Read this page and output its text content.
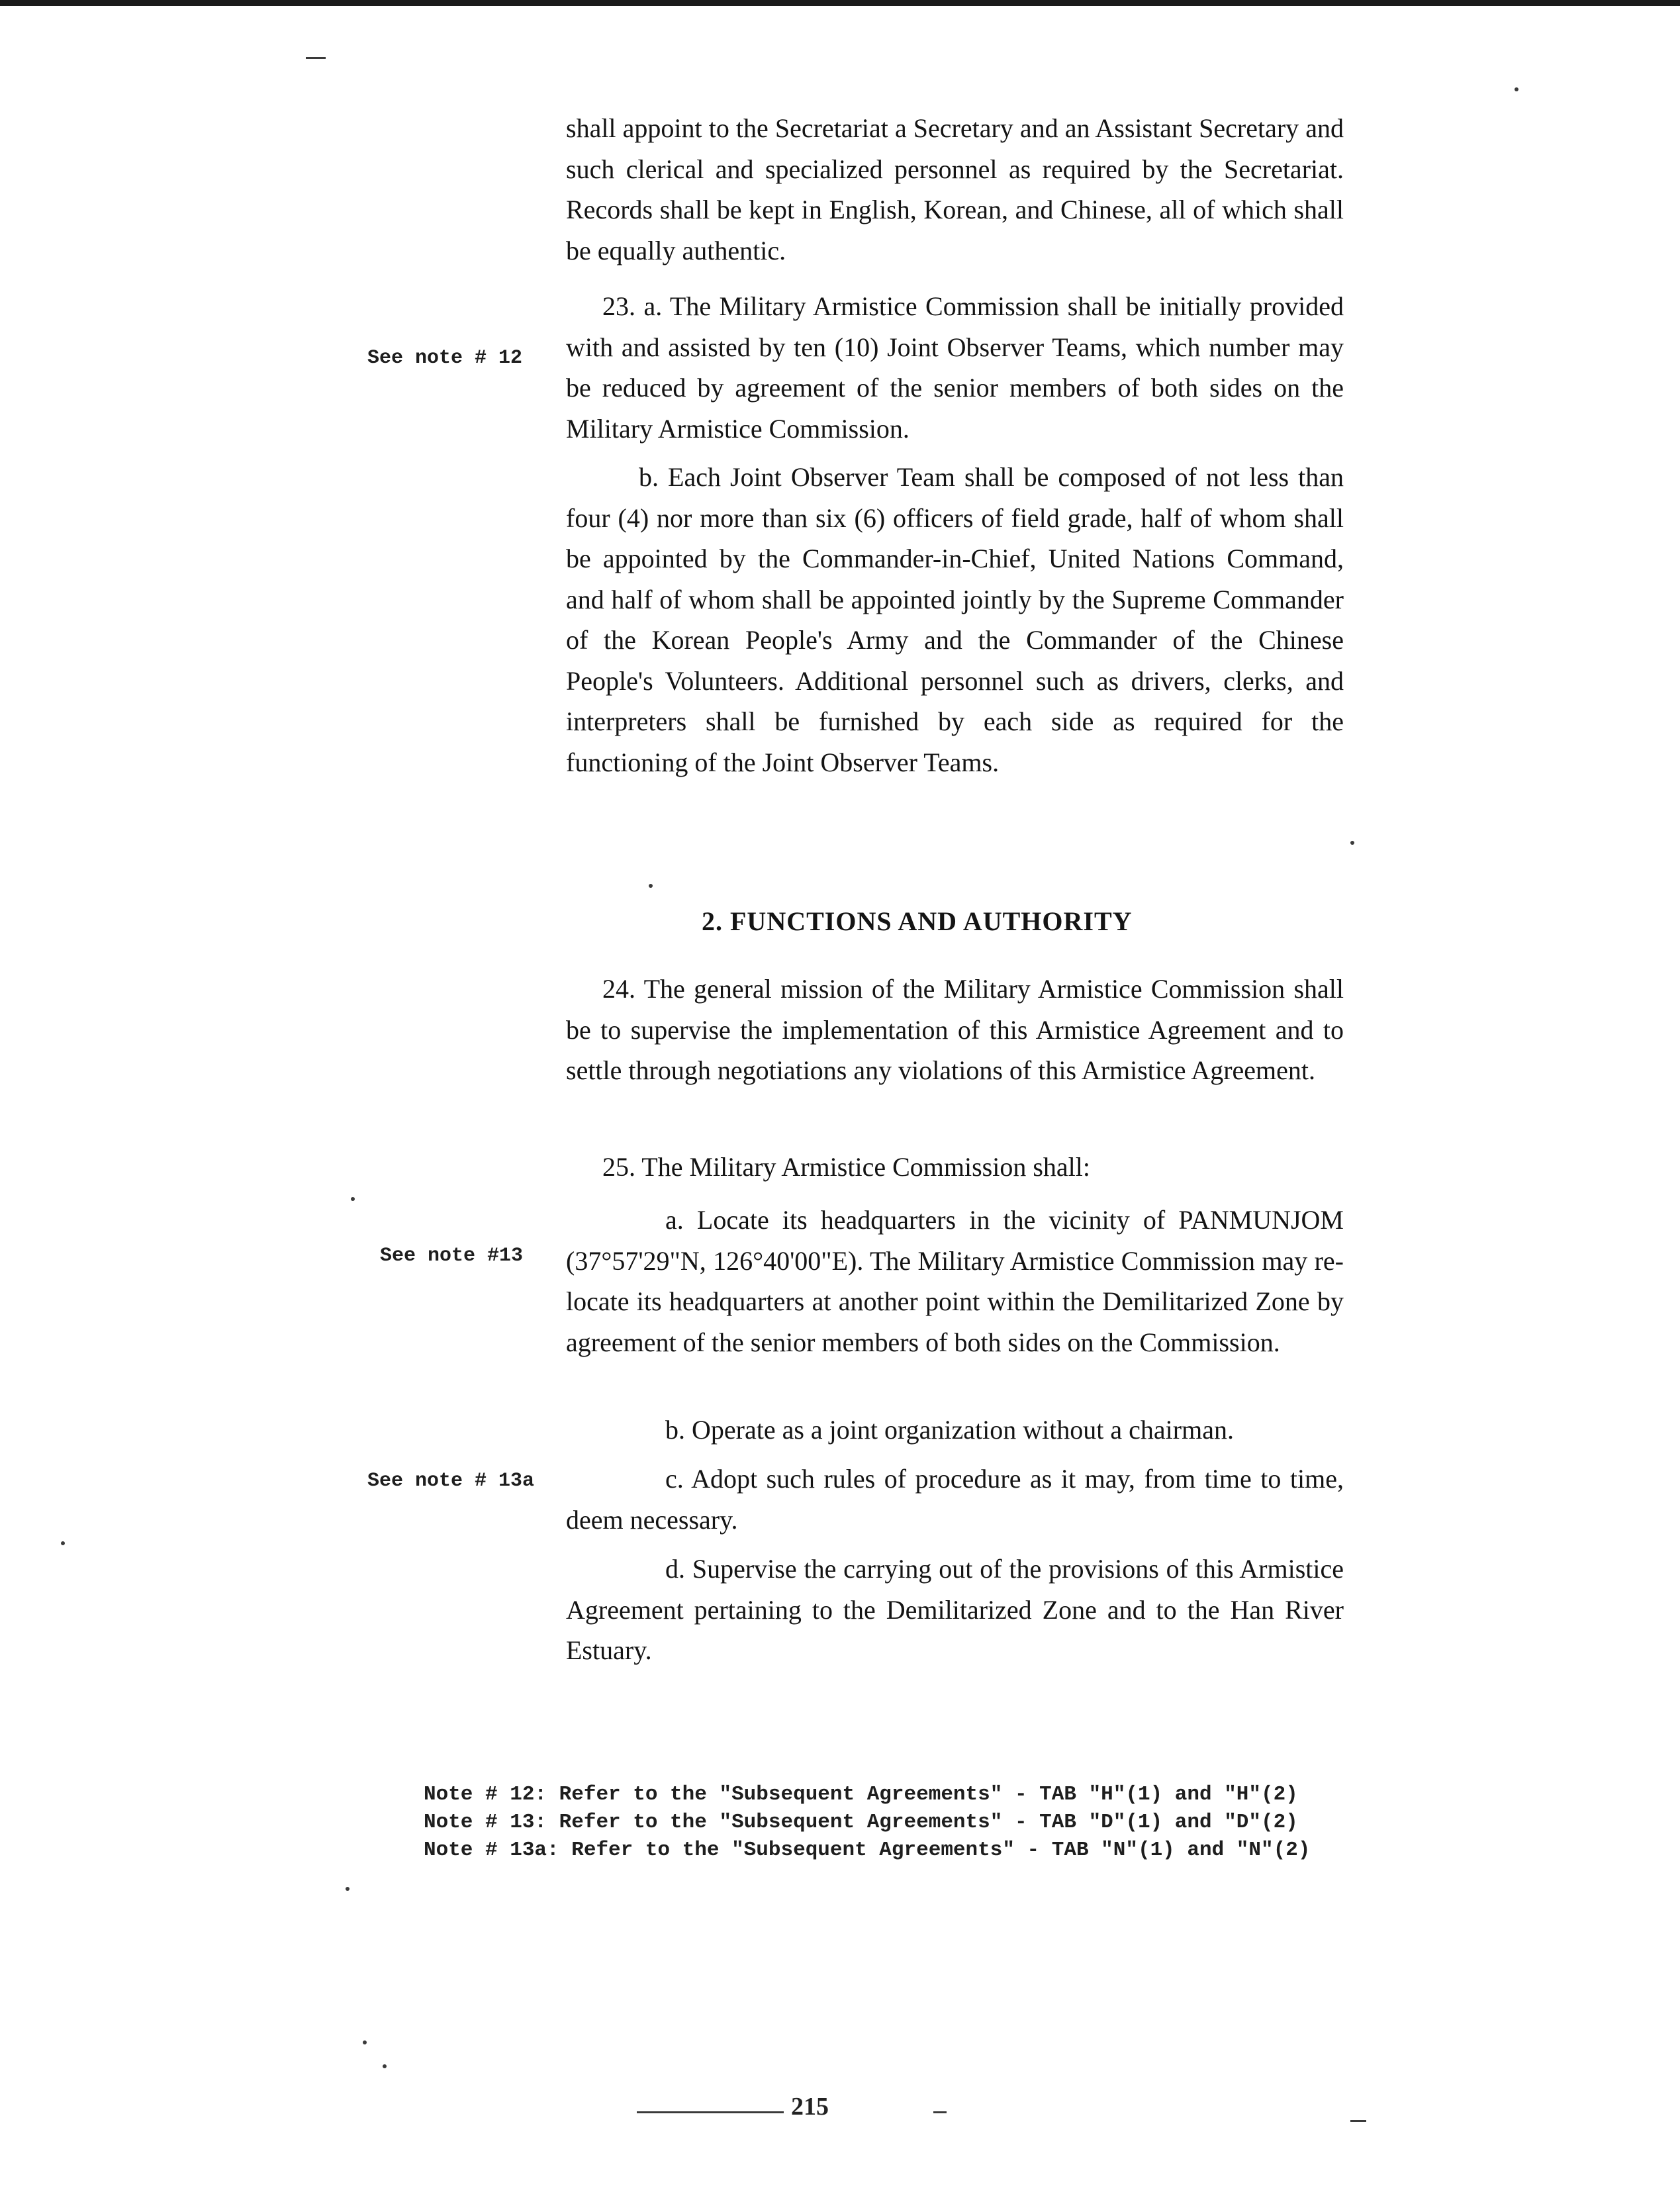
See note # 12
See note #13
See note # 13a

shall appoint to the Secretariat a Secretary and an Assistant Secretary and such clerical and specialized personnel as required by the Secretariat. Records shall be kept in English, Korean, and Chinese, all of which shall be equally authentic.

23. a. The Military Armistice Commission shall be initially provided with and assisted by ten (10) Joint Observer Teams, which number may be reduced by agreement of the senior members of both sides on the Military Armistice Commission.

b. Each Joint Observer Team shall be composed of not less than four (4) nor more than six (6) officers of field grade, half of whom shall be appointed by the Commander-in-Chief, United Nations Command, and half of whom shall be appointed jointly by the Supreme Commander of the Korean People's Army and the Commander of the Chinese People's Volunteers. Additional personnel such as drivers, clerks, and interpreters shall be furnished by each side as required for the functioning of the Joint Observer Teams.

24. The general mission of the Military Armistice Commission shall be to supervise the implementation of this Armistice Agreement and to settle through negotiations any violations of this Armistice Agreement.

25. The Military Armistice Commission shall:

a. Locate its headquarters in the vicinity of PANMUNJOM (37°57'29"N, 126°40'00"E). The Military Armistice Commission may re-locate its headquarters at another point within the Demilitarized Zone by agreement of the senior members of both sides on the Commission.

b. Operate as a joint organization without a chairman.

c. Adopt such rules of procedure as it may, from time to time, deem necessary.

d. Supervise the carrying out of the provisions of this Armistice Agreement pertaining to the Demilitarized Zone and to the Han River Estuary.

2. FUNCTIONS AND AUTHORITY
Note # 12: Refer to the "Subsequent Agreements" - TAB "H"(1) and "H"(2)
Note # 13: Refer to the "Subsequent Agreements" - TAB "D"(1) and "D"(2)
Note # 13a: Refer to the "Subsequent Agreements" - TAB "N"(1) and "N"(2)
215
